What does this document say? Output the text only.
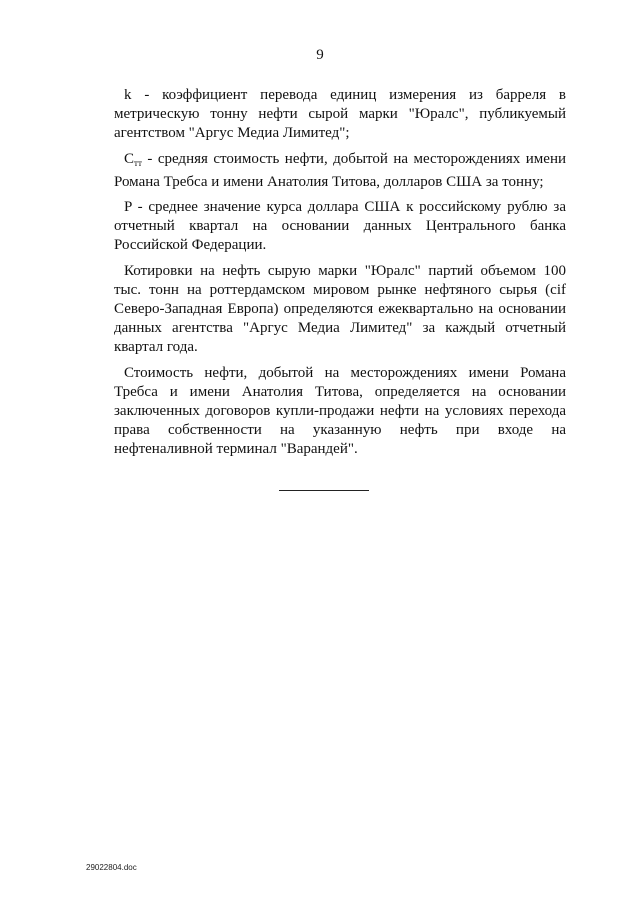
9

k - коэффициент перевода единиц измерения из барреля в метрическую тонну нефти сырой марки "Юралс", публикуемый агентством "Аргус Медиа Лимитед";

$C_{тт}$ - средняя стоимость нефти, добытой на месторождениях имени Романа Требса и имени Анатолия Титова, долларов США за тонну;

P - среднее значение курса доллара США к российскому рублю за отчетный квартал на основании данных Центрального банка Российской Федерации.

Котировки на нефть сырую марки "Юралс" партий объемом 100 тыс. тонн на роттердамском мировом рынке нефтяного сырья (cif Северо-Западная Европа) определяются ежеквартально на основании данных агентства "Аргус Медиа Лимитед" за каждый отчетный квартал года.

Стоимость нефти, добытой на месторождениях имени Романа Требса и имени Анатолия Титова, определяется на основании заключенных договоров купли-продажи нефти на условиях перехода права собственности на указанную нефть при входе на нефтеналивной терминал "Варандей".

29022804.doc
